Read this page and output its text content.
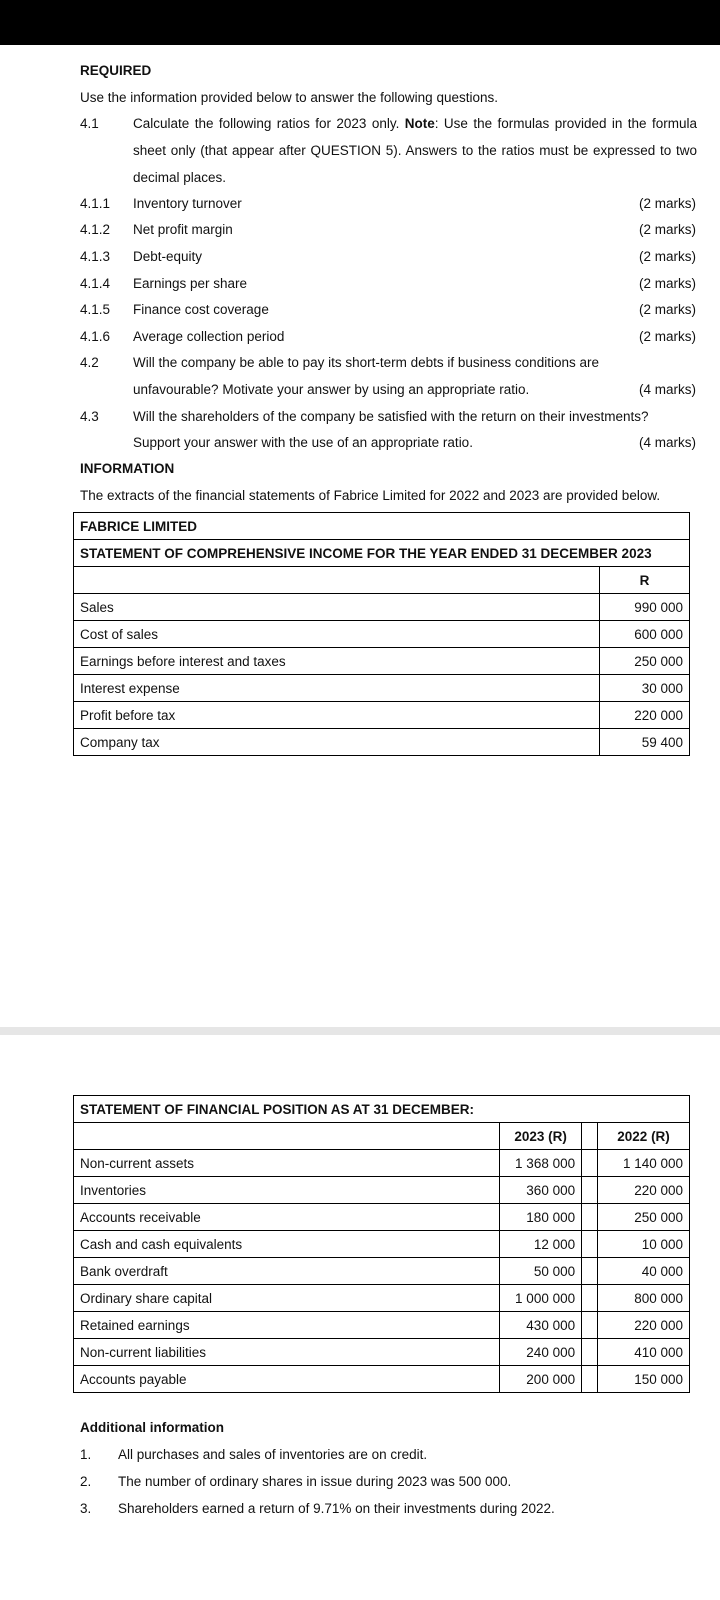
REQUIRED
Use the information provided below to answer the following questions.
4.1	Calculate the following ratios for 2023 only. Note: Use the formulas provided in the formula sheet only (that appear after QUESTION 5). Answers to the ratios must be expressed to two decimal places.
4.1.1 Inventory turnover	(2 marks)
4.1.2 Net profit margin	(2 marks)
4.1.3 Debt-equity	(2 marks)
4.1.4 Earnings per share	(2 marks)
4.1.5 Finance cost coverage	(2 marks)
4.1.6 Average collection period	(2 marks)
4.2	Will the company be able to pay its short-term debts if business conditions are
unfavourable? Motivate your answer by using an appropriate ratio.	(4 marks)
4.3	Will the shareholders of the company be satisfied with the return on their investments?
Support your answer with the use of an appropriate ratio.	(4 marks)
INFORMATION
The extracts of the financial statements of Fabrice Limited for 2022 and 2023 are provided below.
FABRICE LIMITED	
STATEMENT OF COMPREHENSIVE INCOME FOR THE YEAR ENDED 31 DECEMBER 2023	
	R
Sales	990 000
Cost of sales	600 000
Earnings before interest and taxes	250 000
Interest expense	30 000
Profit before tax	220 000
Company tax	59 400
STATEMENT OF FINANCIAL POSITION AS AT 31 DECEMBER:			
	2023 (R)		2022 (R)
Non-current assets	1 368 000		1 140 000
Inventories	360 000		220 000
Accounts receivable	180 000		250 000
Cash and cash equivalents	12 000		10 000
Bank overdraft	50 000		40 000
Ordinary share capital	1 000 000		800 000
Retained earnings	430 000		220 000
Non-current liabilities	240 000		410 000
Accounts payable	200 000		150 000
Additional information
1. All purchases and sales of inventories are on credit.
2. The number of ordinary shares in issue during 2023 was 500 000.
3. Shareholders earned a return of 9.71% on their investments during 2022.
